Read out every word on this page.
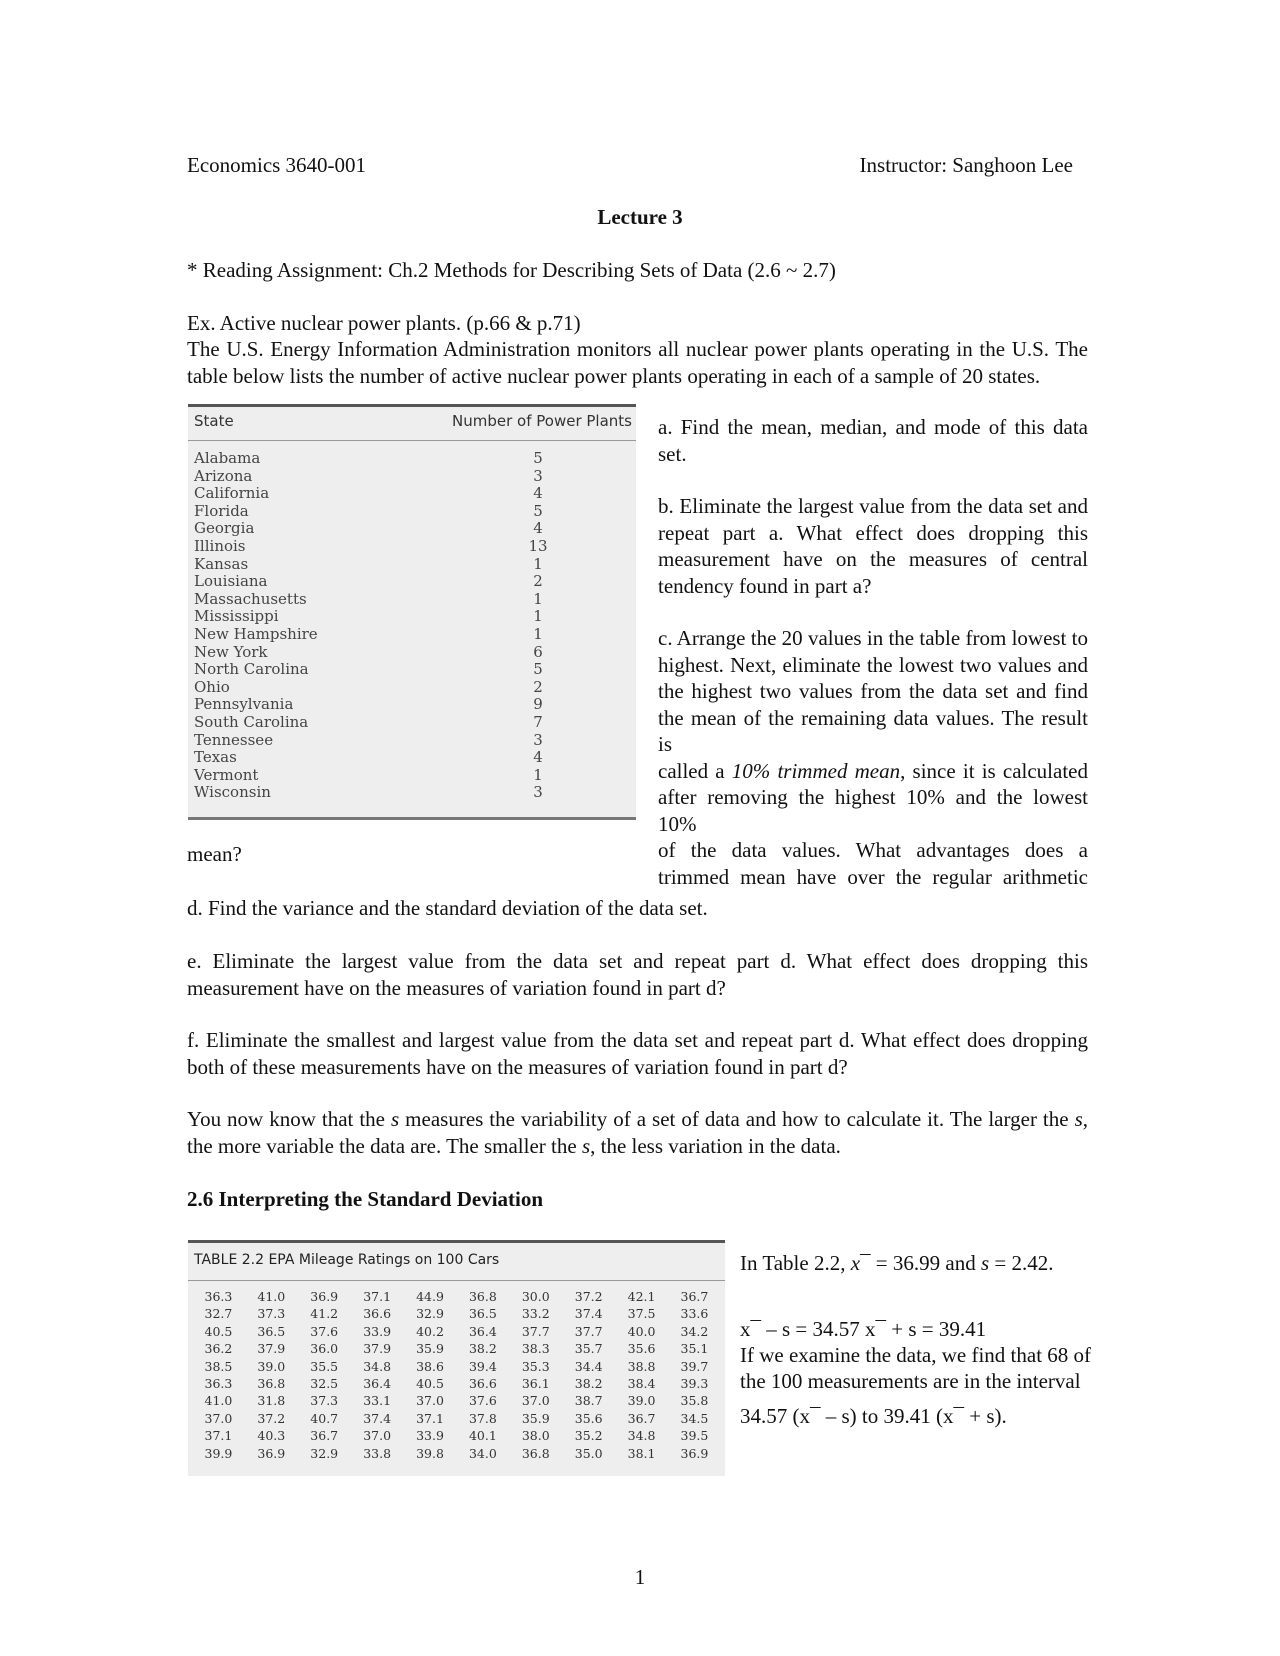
Economics 3640-001	Instructor: Sanghoon Lee
Lecture 3
* Reading Assignment: Ch.2 Methods for Describing Sets of Data (2.6 ~ 2.7)
Ex. Active nuclear power plants. (p.66 & p.71)
The U.S. Energy Information Administration monitors all nuclear power plants operating in the U.S. The
table below lists the number of active nuclear power plants operating in each of a sample of 20 states.
State	Number of Power Plants
Alabama	5
Arizona	3
California	4
Florida	5
Georgia	4
Illinois	13
Kansas	1
Louisiana	2
Massachusetts	1
Mississippi	1
New Hampshire	1
New York	6
North Carolina	5
Ohio	2
Pennsylvania	9
South Carolina	7
Tennessee	3
Texas	4
Vermont	1
Wisconsin	3
a. Find the mean, median, and mode of this data
set.
b. Eliminate the largest value from the data set and
repeat part a. What effect does dropping this
measurement have on the measures of central
tendency found in part a?
c. Arrange the 20 values in the table from lowest to
highest. Next, eliminate the lowest two values and
the highest two values from the data set and find
the mean of the remaining data values. The result is
called a 10% trimmed mean, since it is calculated
after removing the highest 10% and the lowest 10%
of the data values. What advantages does a
trimmed mean have over the regular arithmetic
mean?
d. Find the variance and the standard deviation of the data set.
e. Eliminate the largest value from the data set and repeat part d. What effect does dropping this
measurement have on the measures of variation found in part d?
f. Eliminate the smallest and largest value from the data set and repeat part d. What effect does dropping
both of these measurements have on the measures of variation found in part d?
You now know that the s measures the variability of a set of data and how to calculate it. The larger the s,
the more variable the data are. The smaller the s, the less variation in the data.
2.6 Interpreting the Standard Deviation
TABLE 2.2 EPA Mileage Ratings on 100 Cars
36.3	41.0	36.9	37.1	44.9	36.8	30.0	37.2	42.1	36.7
32.7	37.3	41.2	36.6	32.9	36.5	33.2	37.4	37.5	33.6
40.5	36.5	37.6	33.9	40.2	36.4	37.7	37.7	40.0	34.2
36.2	37.9	36.0	37.9	35.9	38.2	38.3	35.7	35.6	35.1
38.5	39.0	35.5	34.8	38.6	39.4	35.3	34.4	38.8	39.7
36.3	36.8	32.5	36.4	40.5	36.6	36.1	38.2	38.4	39.3
41.0	31.8	37.3	33.1	37.0	37.6	37.0	38.7	39.0	35.8
37.0	37.2	40.7	37.4	37.1	37.8	35.9	35.6	36.7	34.5
37.1	40.3	36.7	37.0	33.9	40.1	38.0	35.2	34.8	39.5
39.9	36.9	32.9	33.8	39.8	34.0	36.8	35.0	38.1	36.9
In Table 2.2, x¯ = 36.99 and s = 2.42.
x¯ – s = 34.57 x¯ + s = 39.41
If we examine the data, we find that 68 of
the 100 measurements are in the interval
34.57 (x¯ – s) to 39.41 (x¯ + s).
1
